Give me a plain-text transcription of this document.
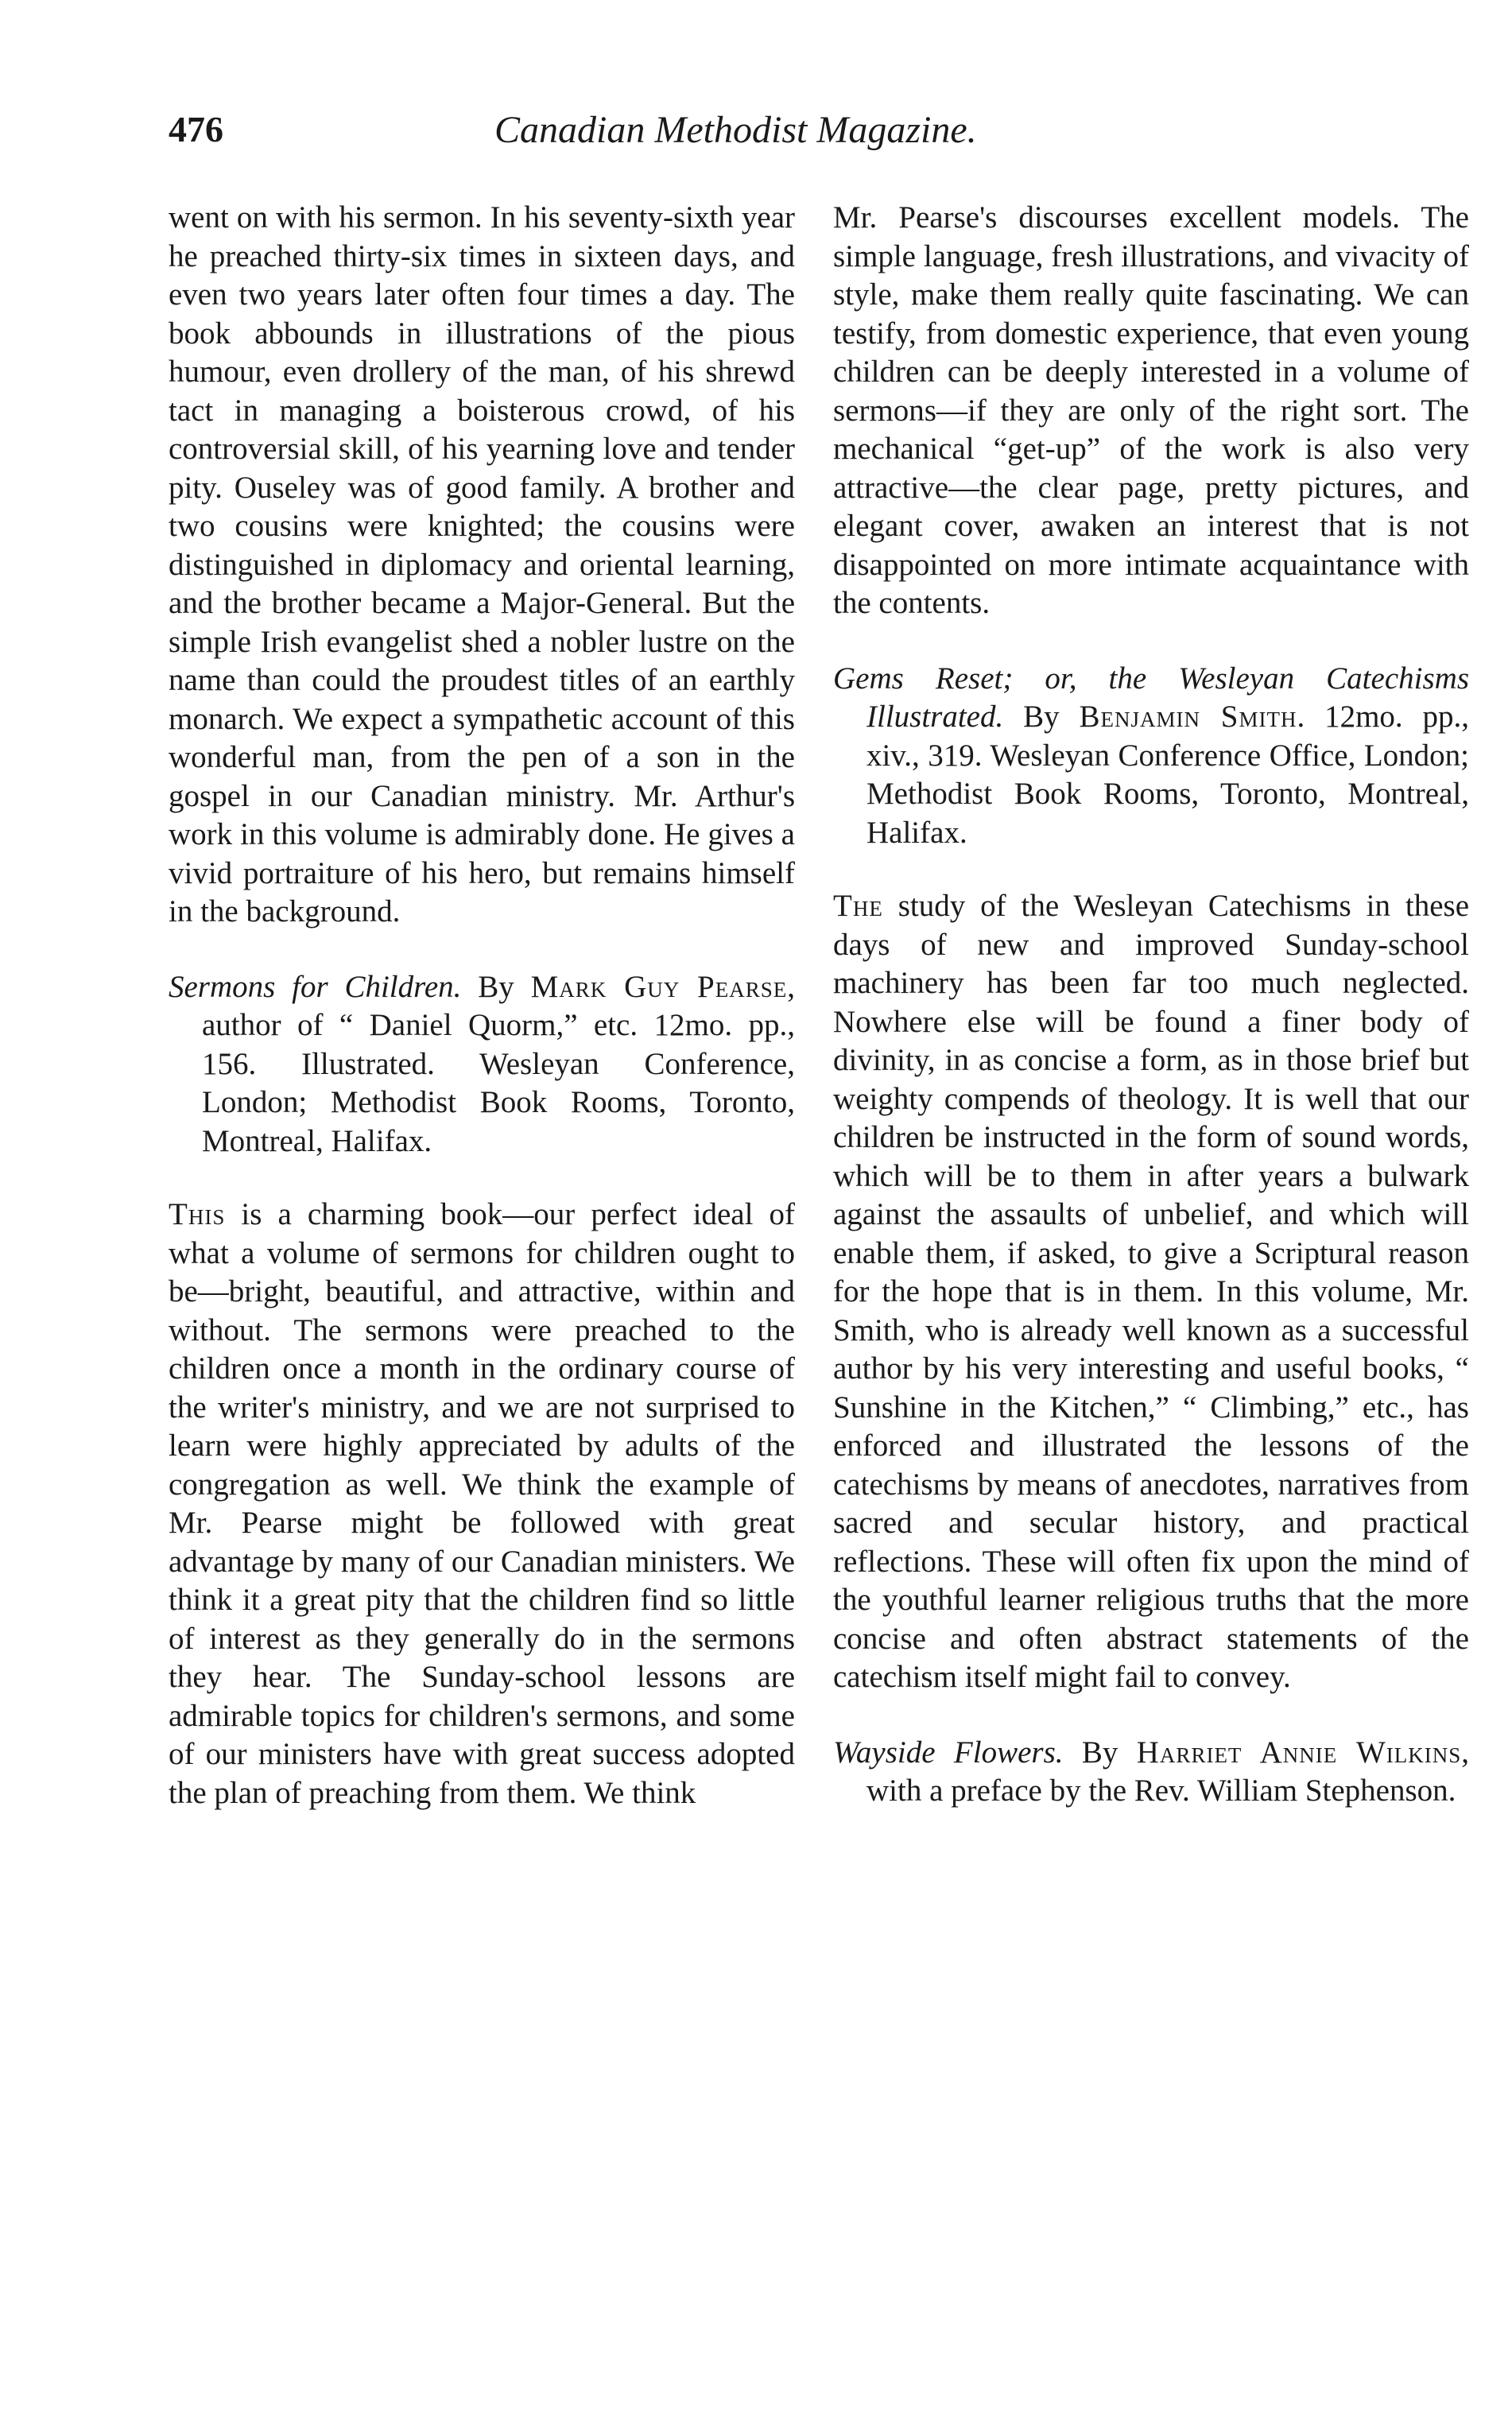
476	Canadian Methodist Magazine.

went on with his sermon. In his seventy-sixth year he preached thirty-six times in sixteen days, and even two years later often four times a day. The book abbounds in illustrations of the pious humour, even drollery of the man, of his shrewd tact in managing a boisterous crowd, of his controversial skill, of his yearning love and tender pity. Ouseley was of good family. A brother and two cousins were knighted; the cousins were distinguished in diplomacy and oriental learning, and the brother became a Major-General. But the simple Irish evangelist shed a nobler lustre on the name than could the proudest titles of an earthly monarch. We expect a sympathetic account of this wonderful man, from the pen of a son in the gospel in our Canadian ministry. Mr. Arthur's work in this volume is admirably done. He gives a vivid portraiture of his hero, but remains himself in the background.

Sermons for Children. By Mark Guy Pearse, author of “ Daniel Quorm,” etc. 12mo. pp., 156. Illustrated. Wesleyan Conference, London; Methodist Book Rooms, Toronto, Montreal, Halifax.

This is a charming book—our perfect ideal of what a volume of sermons for children ought to be—bright, beautiful, and attractive, within and without. The sermons were preached to the children once a month in the ordinary course of the writer's ministry, and we are not surprised to learn were highly appreciated by adults of the congregation as well. We think the example of Mr. Pearse might be followed with great advantage by many of our Canadian ministers. We think it a great pity that the children find so little of interest as they generally do in the sermons they hear. The Sunday-school lessons are admirable topics for children's sermons, and some of our ministers have with great success adopted the plan of preaching from them. We think

Mr. Pearse's discourses excellent models. The simple language, fresh illustrations, and vivacity of style, make them really quite fascinating. We can testify, from domestic experience, that even young children can be deeply interested in a volume of sermons—if they are only of the right sort. The mechanical “get-up” of the work is also very attractive—the clear page, pretty pictures, and elegant cover, awaken an interest that is not disappointed on more intimate acquaintance with the contents.

Gems Reset; or, the Wesleyan Catechisms Illustrated. By Benjamin Smith. 12mo. pp., xiv., 319. Wesleyan Conference Office, London; Methodist Book Rooms, Toronto, Montreal, Halifax.

The study of the Wesleyan Catechisms in these days of new and improved Sunday-school machinery has been far too much neglected. Nowhere else will be found a finer body of divinity, in as concise a form, as in those brief but weighty compends of theology. It is well that our children be instructed in the form of sound words, which will be to them in after years a bulwark against the assaults of unbelief, and which will enable them, if asked, to give a Scriptural reason for the hope that is in them. In this volume, Mr. Smith, who is already well known as a successful author by his very interesting and useful books, “ Sunshine in the Kitchen,” “ Climbing,” etc., has enforced and illustrated the lessons of the catechisms by means of anecdotes, narratives from sacred and secular history, and practical reflections. These will often fix upon the mind of the youthful learner religious truths that the more concise and often abstract statements of the catechism itself might fail to convey.

Wayside Flowers. By Harriet Annie Wilkins, with a preface by the Rev. William Stephenson.
